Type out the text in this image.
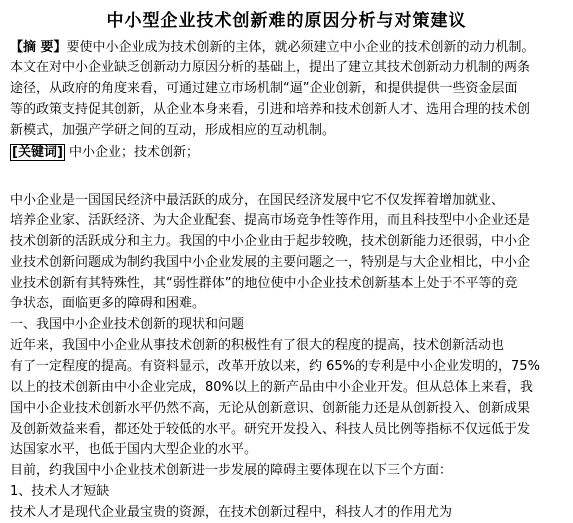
中小型企业技术创新难的原因分析与对策建议
【摘 要】要使中小企业成为技术创新的主体，就必须建立中小企业的技术创新的动力机制。
本文在对中小企业缺乏创新动力原因分析的基础上，提出了建立其技术创新动力机制的两条
途径，从政府的角度来看，可通过建立市场机制“逼”企业创新，和提供提供一些资金层面
等的政策支持促其创新，从企业本身来看，引进和培养和技术创新人才、选用合理的技术创
新模式，加强产学研之间的互动，形成相应的互动机制。
[关键词] 中小企业；技术创新；
中小企业是一国国民经济中最活跃的成分，在国民经济发展中它不仅发挥着增加就业、
培养企业家、活跃经济、为大企业配套、提高市场竞争性等作用，而且科技型中小企业还是
技术创新的活跃成分和主力。我国的中小企业由于起步较晚，技术创新能力还很弱，中小企
业技术创新问题成为制约我国中小企业发展的主要问题之一，特别是与大企业相比，中小企
业技术创新有其特殊性，其“弱性群体”的地位使中小企业技术创新基本上处于不平等的竞
争状态，面临更多的障碍和困难。
一、我国中小企业技术创新的现状和问题
近年来，我国中小企业从事技术创新的积极性有了很大的程度的提高，技术创新活动也
有了一定程度的提高。有资料显示，改革开放以来，约 65%的专利是中小企业发明的，75%
以上的技术创新由中小企业完成，80%以上的新产品由中小企业开发。但从总体上来看，我
国中小企业技术创新水平仍然不高，无论从创新意识、创新能力还是从创新投入、创新成果
及创新效益来看，都还处于较低的水平。研究开发投入、科技人员比例等指标不仅远低于发
达国家水平，也低于国内大型企业的水平。
目前，约我国中小企业技术创新进一步发展的障碍主要体现在以下三个方面：
1、技术人才短缺
技术人才是现代企业最宝贵的资源，在技术创新过程中，科技人才的作用尤为
